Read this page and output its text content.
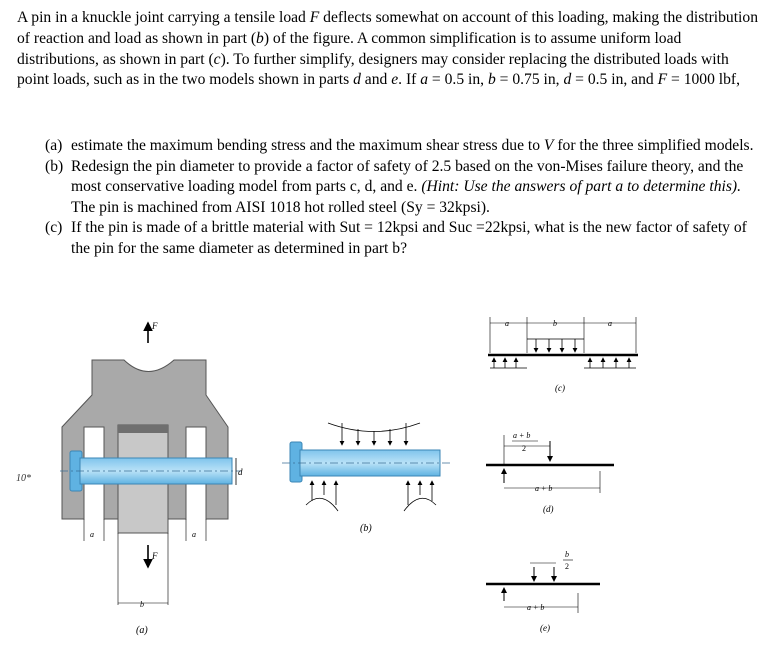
A pin in a knuckle joint carrying a tensile load F deflects somewhat on account of this loading, making the distribution of reaction and load as shown in part (b) of the figure. A common simplification is to assume uniform load distributions, as shown in part (c). To further simplify, designers may consider replacing the distributed loads with point loads, such as in the two models shown in parts d and e. If a = 0.5 in, b = 0.75 in, d = 0.5 in, and F = 1000 lbf,

(a) estimate the maximum bending stress and the maximum shear stress due to V for the three simplified models.
(b) Redesign the pin diameter to provide a factor of safety of 2.5 based on the von-Mises failure theory, and the most conservative loading model from parts c, d, and e. (Hint: Use the answers of part a to determine this). The pin is machined from AISI 1018 hot rolled steel (Sy = 32kpsi).
(c) If the pin is made of a brittle material with Sut = 12kpsi and Suc =22kpsi, what is the new factor of safety of the pin for the same diameter as determined in part b?
10*
F
d
a	a
F
b
(a)
(b)
a	b	a
(c)
a + b
2
a + b
(d)
b
2
a + b
(e)
